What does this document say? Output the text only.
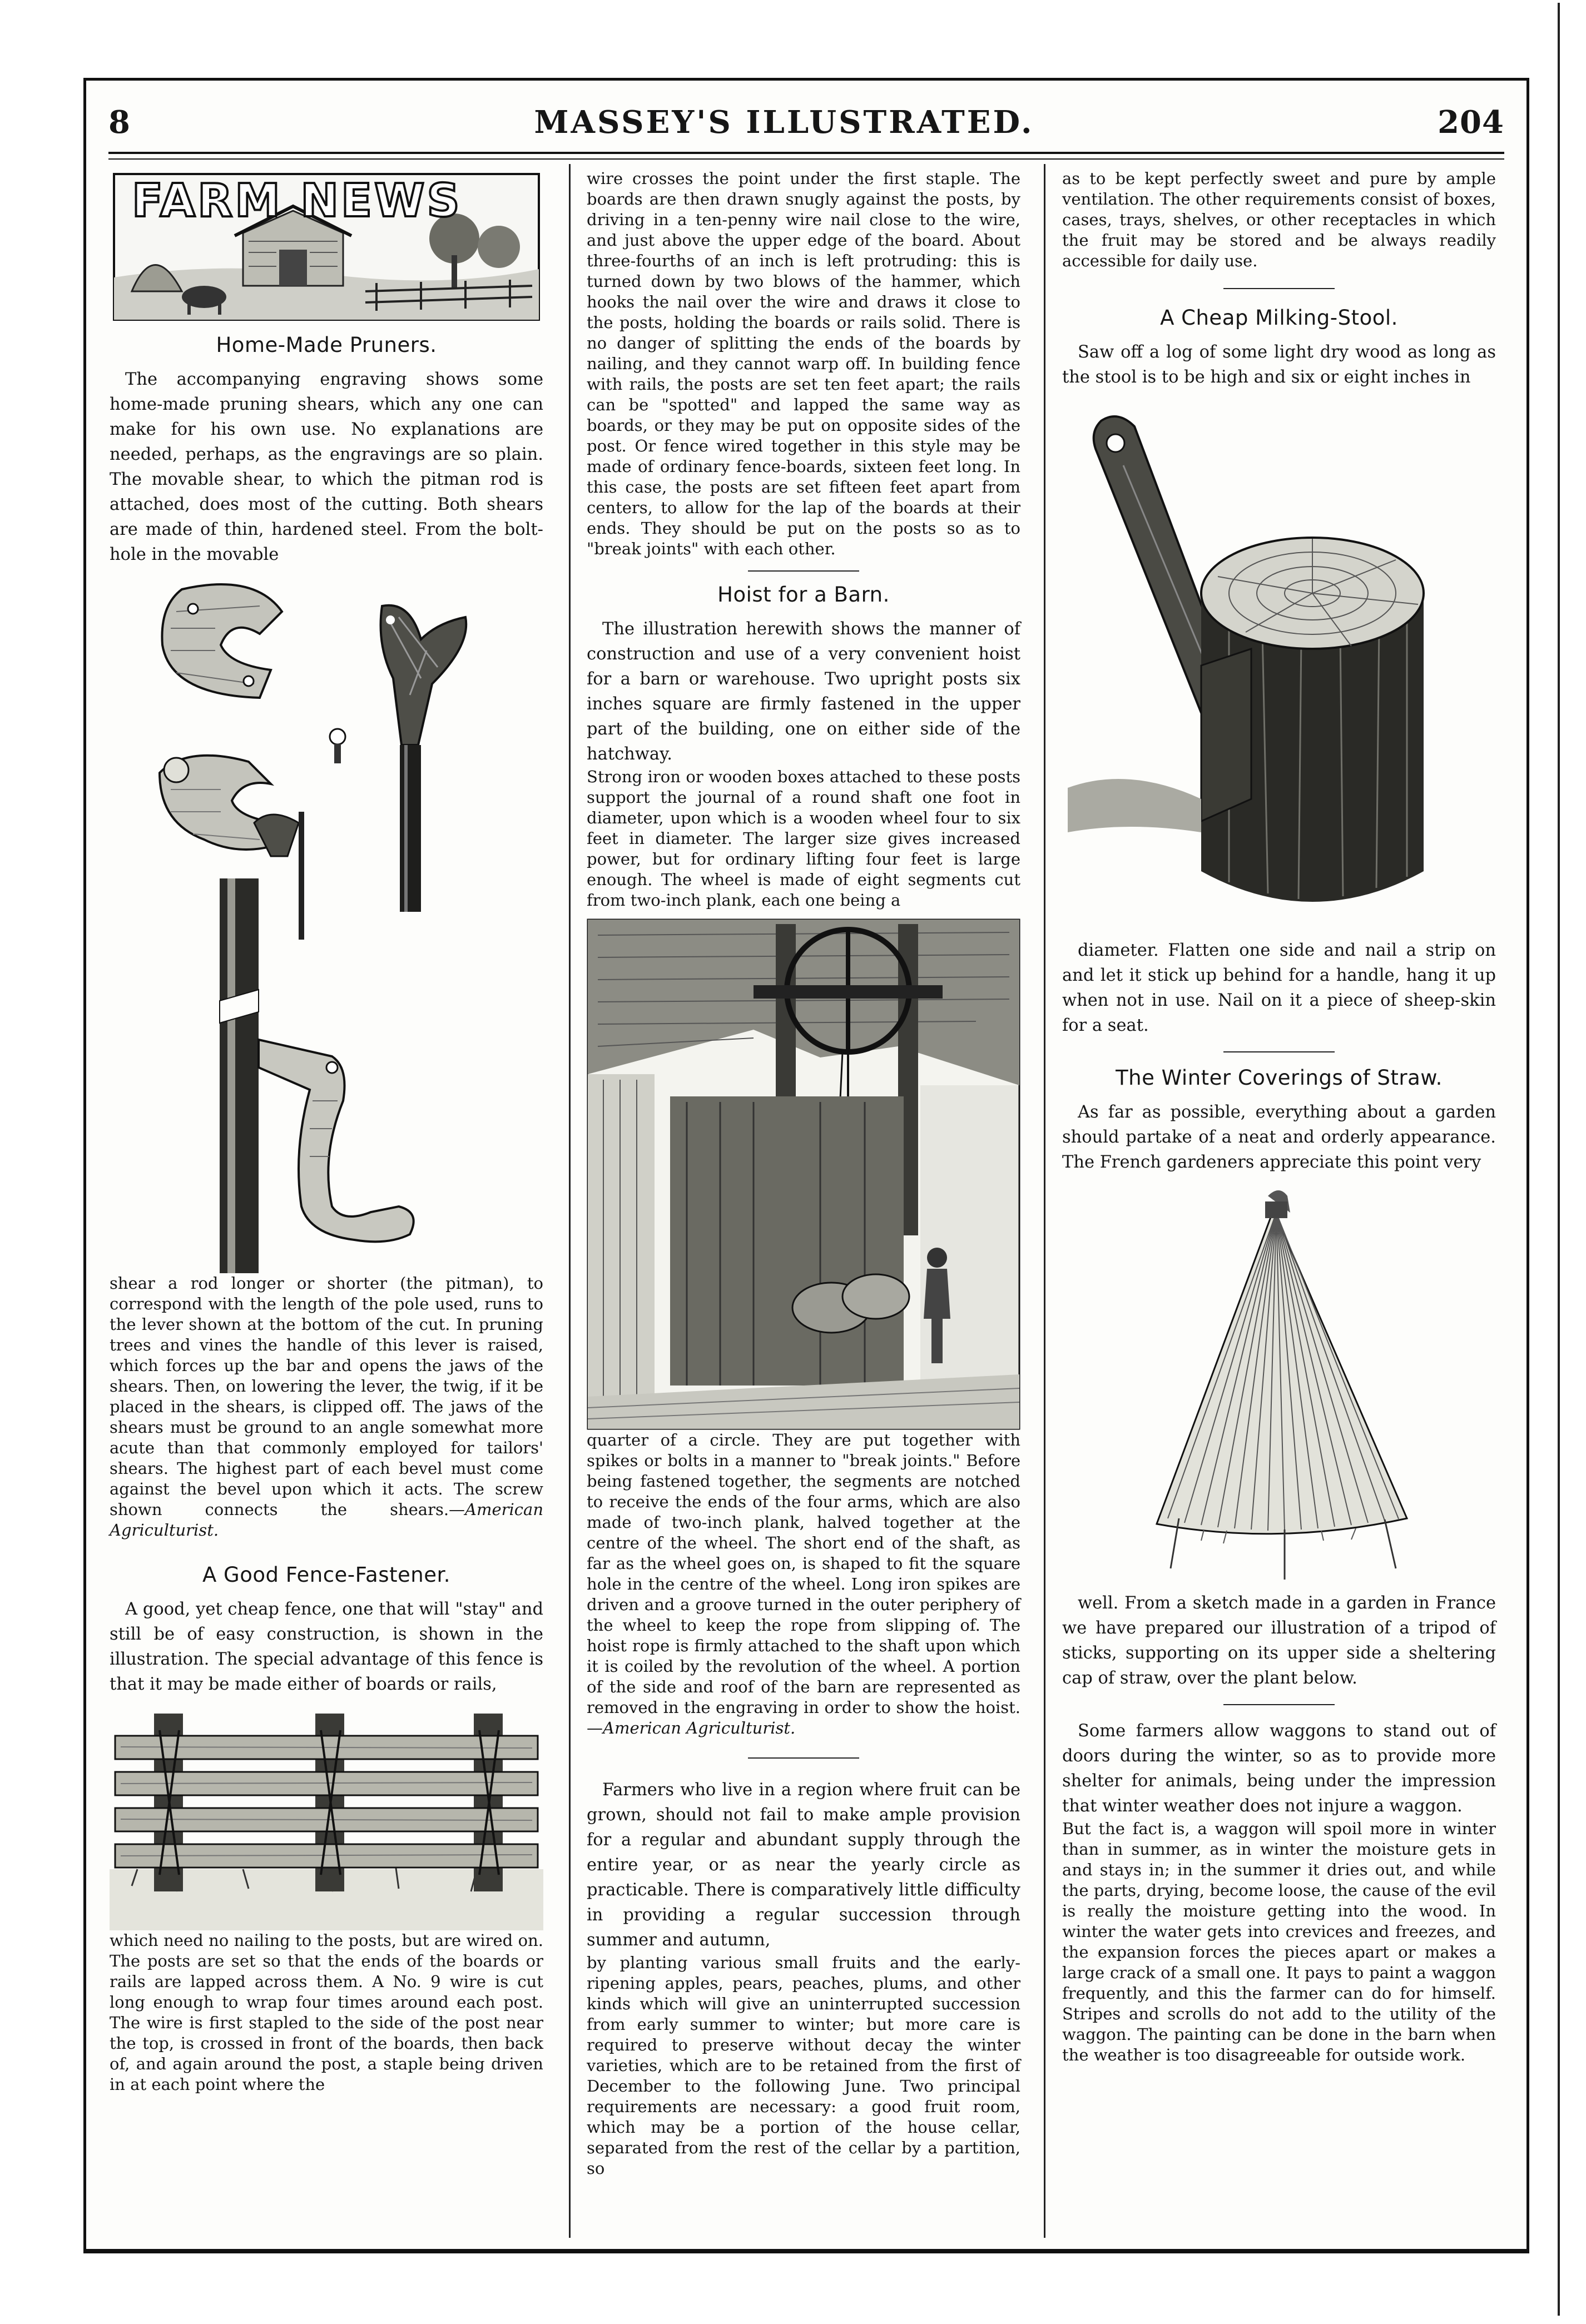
8	MASSEY'S ILLUSTRATED.	204
FARM NEWS
Home-Made Pruners.

The accompanying engraving shows some home-made pruning shears, which any one can make for his own use. No explanations are needed, perhaps, as the engravings are so plain. The movable shear, to which the pitman rod is attached, does most of the cutting. Both shears are made of thin, hardened steel. From the bolt-hole in the movable

shear a rod longer or shorter (the pitman), to correspond with the length of the pole used, runs to the lever shown at the bottom of the cut. In pruning trees and vines the handle of this lever is raised, which forces up the bar and opens the jaws of the shears. Then, on lowering the lever, the twig, if it be placed in the shears, is clipped off. The jaws of the shears must be ground to an angle somewhat more acute than that commonly employed for tailors' shears. The highest part of each bevel must come against the bevel upon which it acts. The screw shown connects the shears.—American Agriculturist.

A Good Fence-Fastener.

A good, yet cheap fence, one that will "stay" and still be of easy construction, is shown in the illustration. The special advantage of this fence is that it may be made either of boards or rails,

which need no nailing to the posts, but are wired on. The posts are set so that the ends of the boards or rails are lapped across them. A No. 9 wire is cut long enough to wrap four times around each post. The wire is first stapled to the side of the post near the top, is crossed in front of the boards, then back of, and again around the post, a staple being driven in at each point where the

wire crosses the point under the first staple. The boards are then drawn snugly against the posts, by driving in a ten-penny wire nail close to the wire, and just above the upper edge of the board. About three-fourths of an inch is left protruding: this is turned down by two blows of the hammer, which hooks the nail over the wire and draws it close to the posts, holding the boards or rails solid. There is no danger of splitting the ends of the boards by nailing, and they cannot warp off. In building fence with rails, the posts are set ten feet apart; the rails can be "spotted" and lapped the same way as boards, or they may be put on opposite sides of the post. Or fence wired together in this style may be made of ordinary fence-boards, sixteen feet long. In this case, the posts are set fifteen feet apart from centers, to allow for the lap of the boards at their ends. They should be put on the posts so as to "break joints" with each other.

Hoist for a Barn.

The illustration herewith shows the manner of construction and use of a very convenient hoist for a barn or warehouse. Two upright posts six inches square are firmly fastened in the upper part of the building, one on either side of the hatchway.

Strong iron or wooden boxes attached to these posts support the journal of a round shaft one foot in diameter, upon which is a wooden wheel four to six feet in diameter. The larger size gives increased power, but for ordinary lifting four feet is large enough. The wheel is made of eight segments cut from two-inch plank, each one being a

quarter of a circle. They are put together with spikes or bolts in a manner to "break joints." Before being fastened together, the segments are notched to receive the ends of the four arms, which are also made of two-inch plank, halved together at the centre of the wheel. The short end of the shaft, as far as the wheel goes on, is shaped to fit the square hole in the centre of the wheel. Long iron spikes are driven and a groove turned in the outer periphery of the wheel to keep the rope from slipping of. The hoist rope is firmly attached to the shaft upon which it is coiled by the revolution of the wheel. A portion of the side and roof of the barn are represented as removed in the engraving in order to show the hoist.—American Agriculturist.

Farmers who live in a region where fruit can be grown, should not fail to make ample provision for a regular and abundant supply through the entire year, or as near the yearly circle as practicable. There is comparatively little difficulty in providing a regular succession through summer and autumn,

by planting various small fruits and the early-ripening apples, pears, peaches, plums, and other kinds which will give an uninterrupted succession from early summer to winter; but more care is required to preserve without decay the winter varieties, which are to be retained from the first of December to the following June. Two principal requirements are necessary: a good fruit room, which may be a portion of the house cellar, separated from the rest of the cellar by a partition, so

as to be kept perfectly sweet and pure by ample ventilation. The other requirements consist of boxes, cases, trays, shelves, or other receptacles in which the fruit may be stored and be always readily accessible for daily use.

A Cheap Milking-Stool.

Saw off a log of some light dry wood as long as the stool is to be high and six or eight inches in

diameter. Flatten one side and nail a strip on and let it stick up behind for a handle, hang it up when not in use. Nail on it a piece of sheep-skin for a seat.

The Winter Coverings of Straw.

As far as possible, everything about a garden should partake of a neat and orderly appearance. The French gardeners appreciate this point very

well. From a sketch made in a garden in France we have prepared our illustration of a tripod of sticks, supporting on its upper side a sheltering cap of straw, over the plant below.

Some farmers allow waggons to stand out of doors during the winter, so as to provide more shelter for animals, being under the impression that winter weather does not injure a waggon.

But the fact is, a waggon will spoil more in winter than in summer, as in winter the moisture gets in and stays in; in the summer it dries out, and while the parts, drying, become loose, the cause of the evil is really the moisture getting into the wood. In winter the water gets into crevices and freezes, and the expansion forces the pieces apart or makes a large crack of a small one. It pays to paint a waggon frequently, and this the farmer can do for himself. Stripes and scrolls do not add to the utility of the waggon. The painting can be done in the barn when the weather is too disagreeable for outside work.
